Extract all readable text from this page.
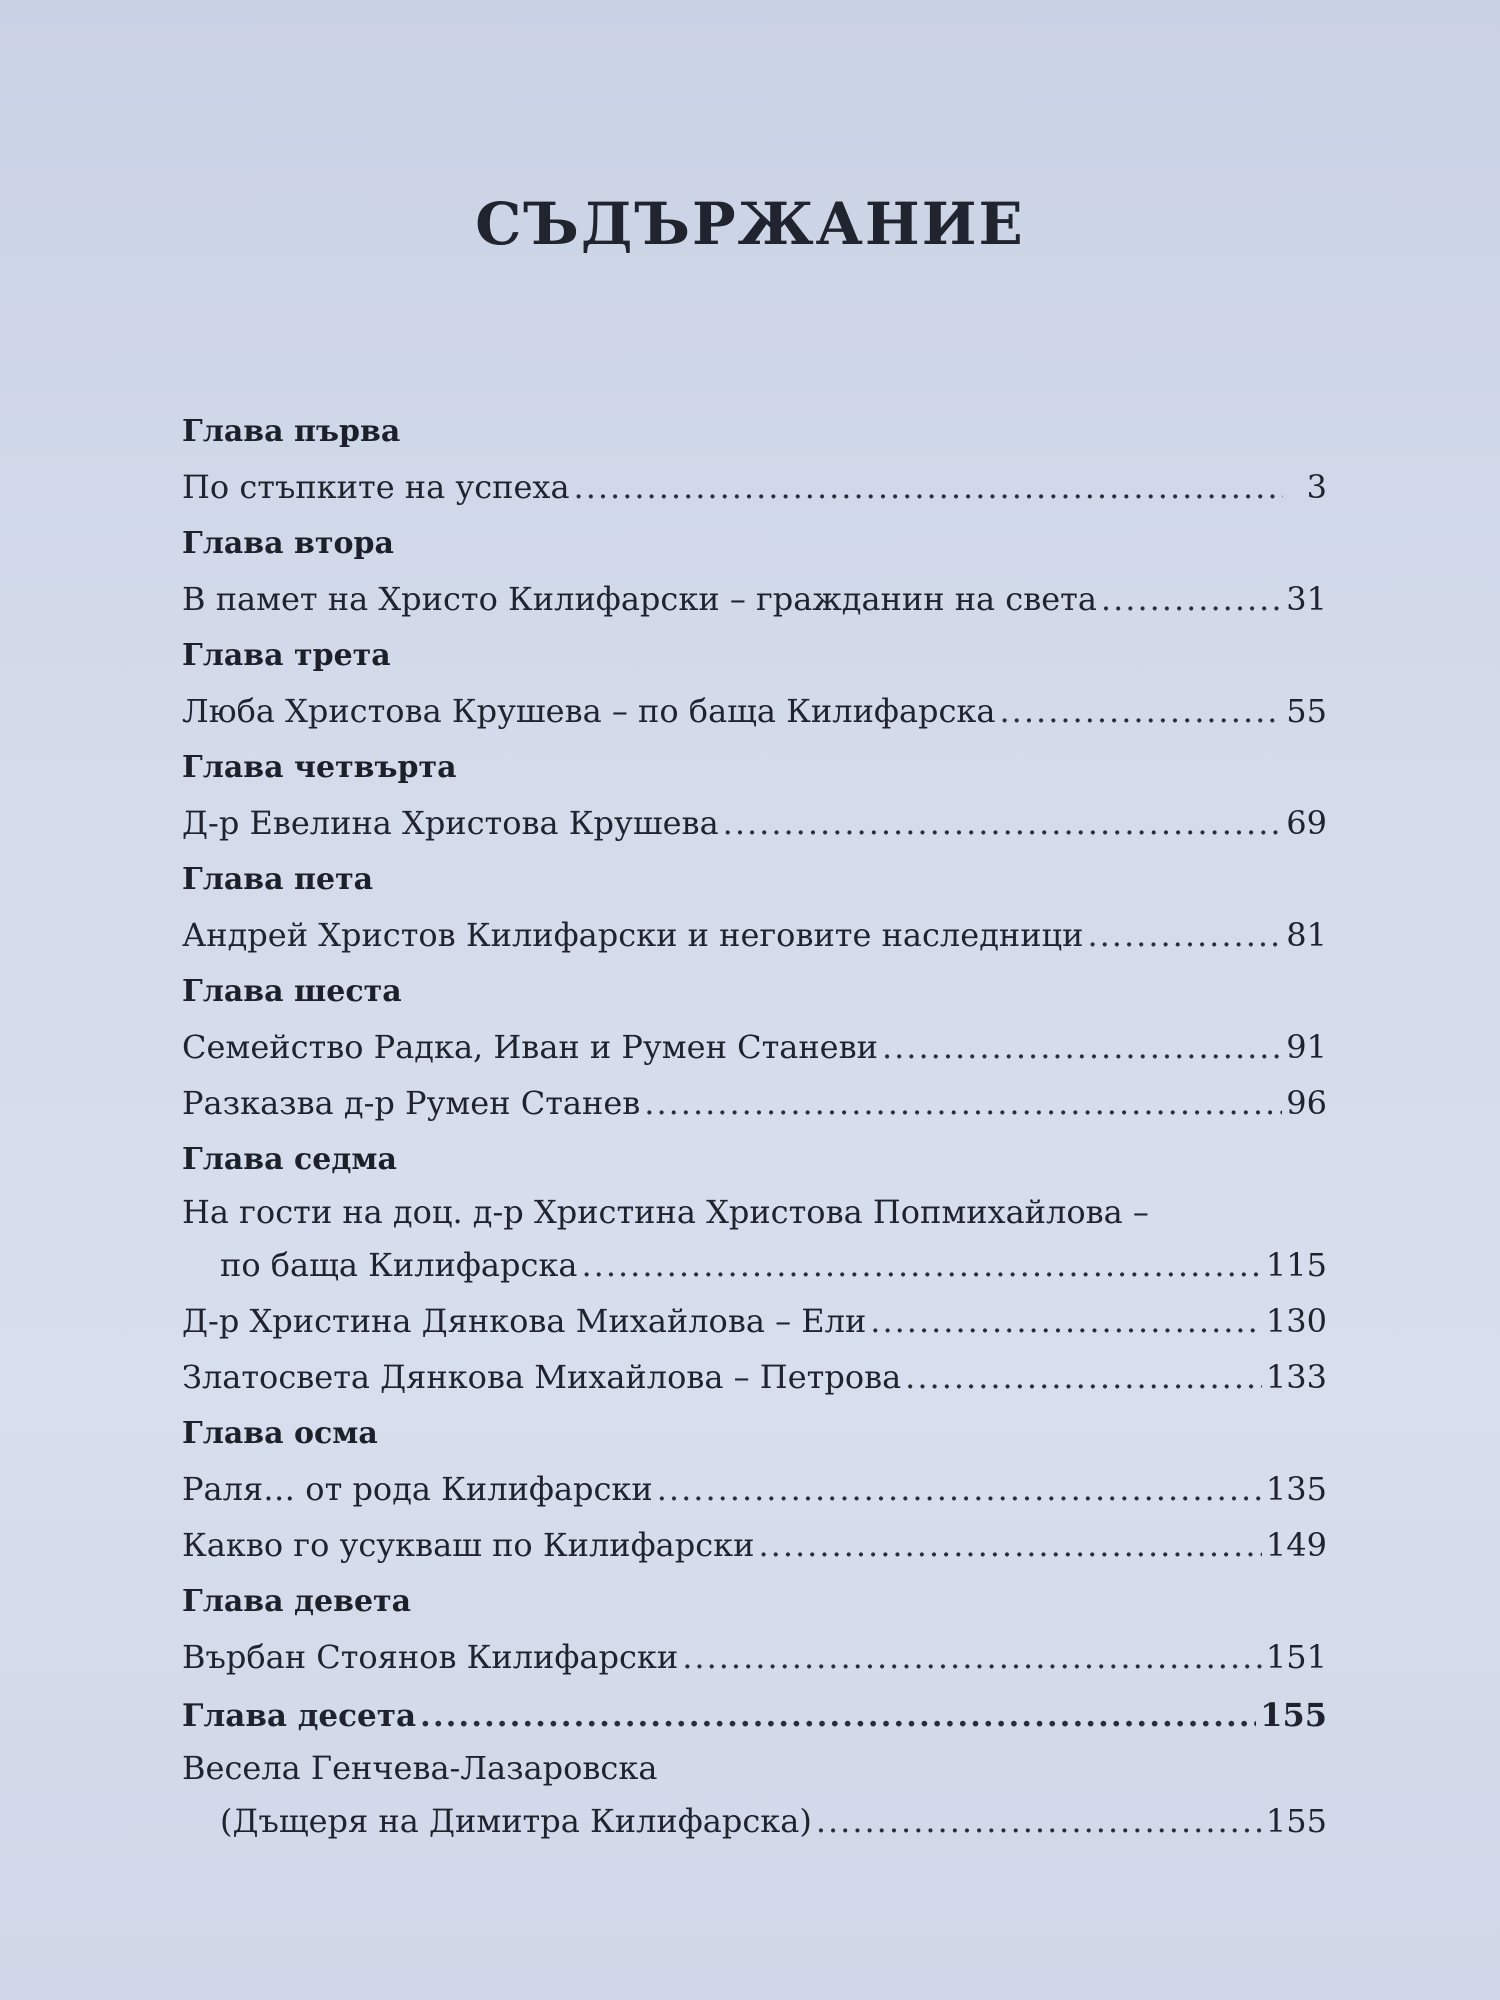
СЪДЪРЖАНИЕ
Глава първа
По стъпките на успеха .....	3
Глава втора
В памет на Христо Килифарски – гражданин на света .....	31
Глава трета
Люба Христова Крушева – по баща Килифарска .....	55
Глава четвърта
Д-р Евелина Христова Крушева .....	69
Глава пета
Андрей Христов Килифарски и неговите наследници .....	81
Глава шеста
Семейство Радка, Иван и Румен Станеви .....	91
Разказва д-р Румен Станев .....	96
Глава седма
На гости на доц. д-р Христина Христова Попмихайлова –
по баща Килифарска .....	115
Д-р Христина Дянкова Михайлова – Ели .....	130
Златосвета Дянкова Михайлова – Петрова .....	133
Глава осма
Раля… от рода Килифарски .....	135
Какво го усукваш по Килифарски .....	149
Глава девета
Върбан Стоянов Килифарски .....	151
Глава десета .....	155
Весела Генчева-Лазаровска
(Дъщеря на Димитра Килифарска) .....	155
